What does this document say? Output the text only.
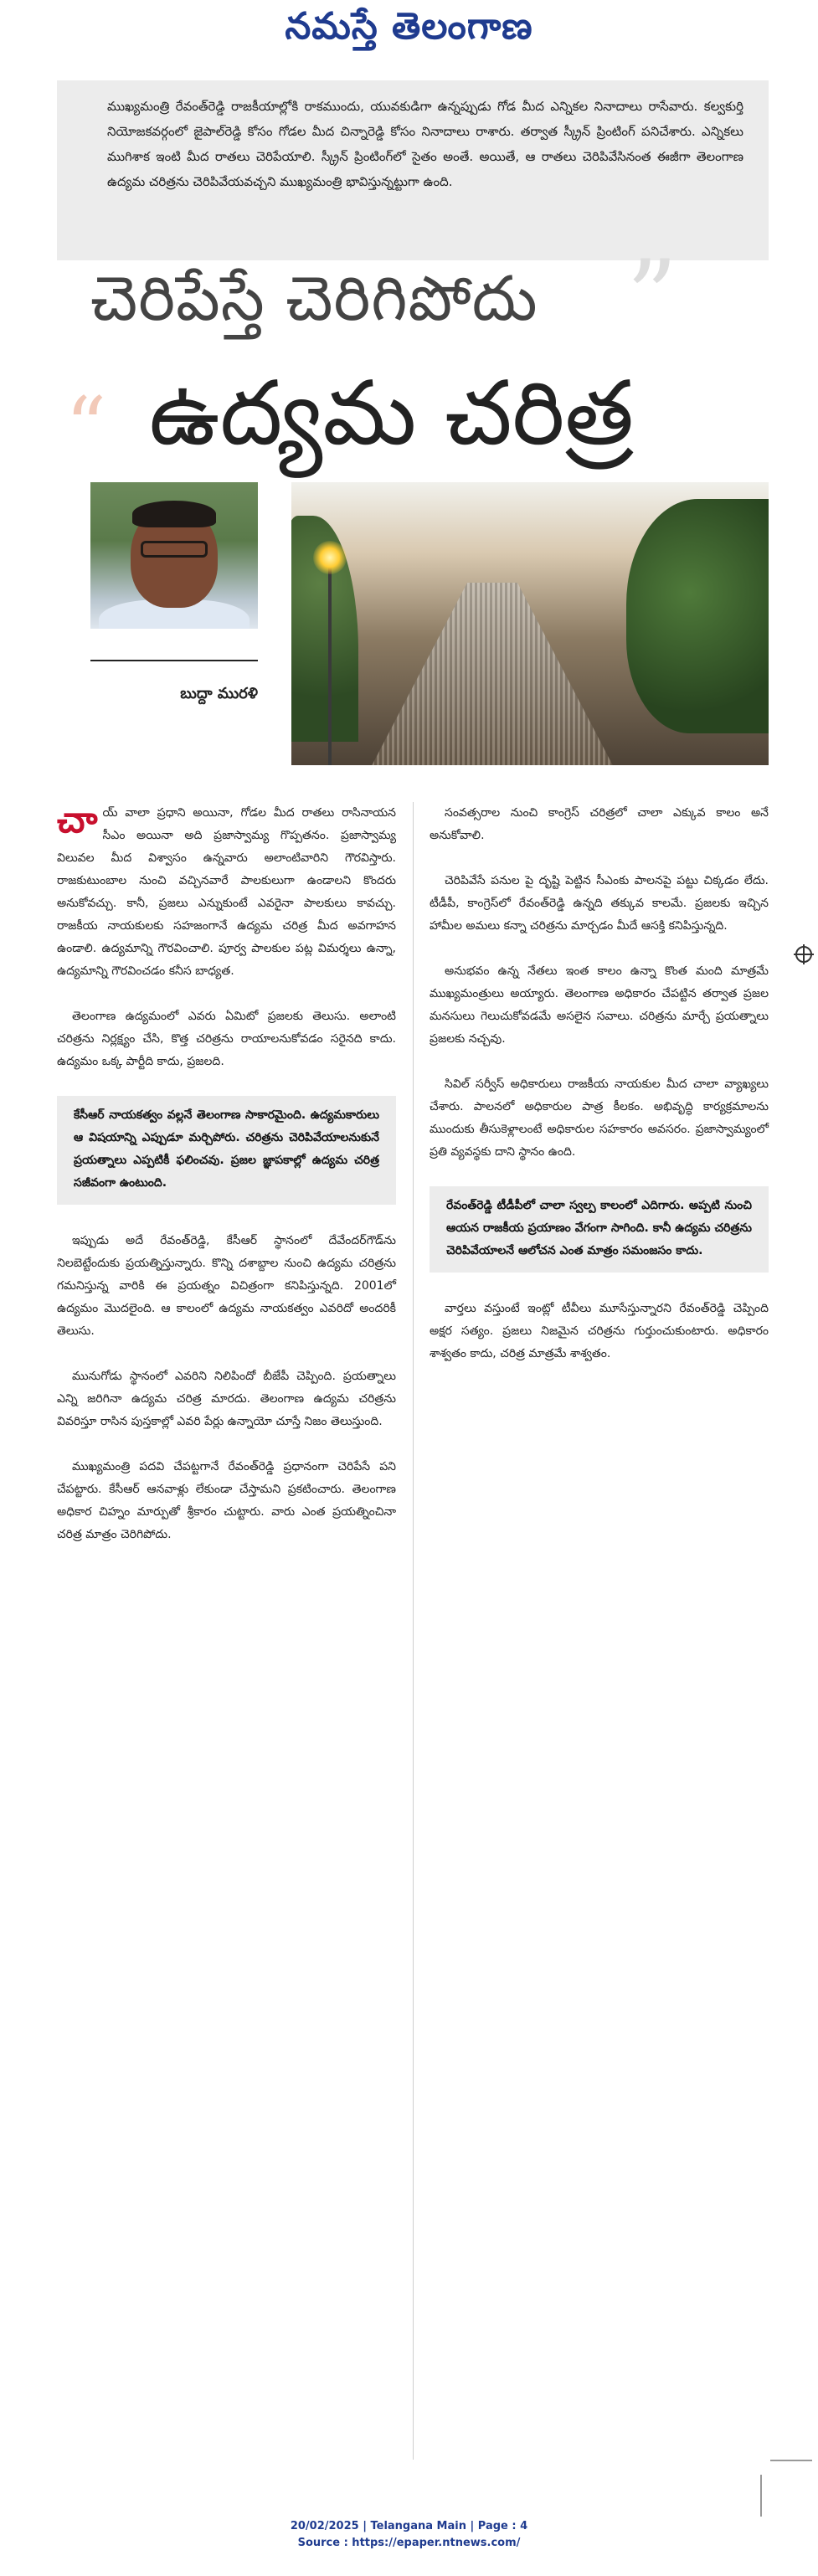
నమస్తే తెలంగాణ

ముఖ్యమంత్రి రేవంత్‌రెడ్డి రాజకీయాల్లోకి రాకముందు, యువకుడిగా ఉన్నప్పుడు గోడ మీద ఎన్నికల నినాదాలు రాసేవారు. కల్వకుర్తి నియోజకవర్గంలో జైపాల్‌రెడ్డి కోసం గోడల మీద చిన్నారెడ్డి కోసం నినాదాలు రాశారు. తర్వాత స్క్రీన్ ప్రింటింగ్ పనిచేశారు. ఎన్నికలు ముగిశాక ఇంటి మీద రాతలు చెరిపేయాలి. స్క్రీన్ ప్రింటింగ్‌లో సైతం అంతే. అయితే, ఆ రాతలు చెరిపివేసినంత ఈజీగా తెలంగాణ ఉద్యమ చరిత్రను చెరిపివేయవచ్చని ముఖ్యమంత్రి భావిస్తున్నట్టుగా ఉంది.

”
చెరిపేస్తే చెరిగిపోదు
“ ఉద్యమ చరిత్ర
బుద్దా మురళి

చాయ్ వాలా ప్రధాని అయినా, గోడల మీద రాతలు రాసినాయన సీఎం అయినా అది ప్రజాస్వామ్య గొప్పతనం. ప్రజాస్వామ్య విలువల మీద విశ్వాసం ఉన్నవారు అలాంటివారిని గౌరవిస్తారు. రాజకుటుంబాల నుంచి వచ్చినవారే పాలకులుగా ఉండాలని కొందరు అనుకోవచ్చు. కానీ, ప్రజలు ఎన్నుకుంటే ఎవరైనా పాలకులు కావచ్చు. రాజకీయ నాయకులకు సహజంగానే ఉద్యమ చరిత్ర మీద అవగాహన ఉండాలి. ఉద్యమాన్ని గౌరవించాలి. పూర్వ పాలకుల పట్ల విమర్శలు ఉన్నా, ఉద్యమాన్ని గౌరవించడం కనీస బాధ్యత.

తెలంగాణ ఉద్యమంలో ఎవరు ఏమిటో ప్రజలకు తెలుసు. అలాంటి చరిత్రను నిర్లక్ష్యం చేసి, కొత్త చరిత్రను రాయాలనుకోవడం సరైనది కాదు. ఉద్యమం ఒక్క పార్టీది కాదు, ప్రజలది.

కేసీఆర్ నాయకత్వం వల్లనే తెలంగాణ సాకారమైంది. ఉద్యమకారులు ఆ విషయాన్ని ఎప్పుడూ మర్చిపోరు. చరిత్రను చెరిపివేయాలనుకునే ప్రయత్నాలు ఎప్పటికీ ఫలించవు. ప్రజల జ్ఞాపకాల్లో ఉద్యమ చరిత్ర సజీవంగా ఉంటుంది.

ఇప్పుడు అదే రేవంత్‌రెడ్డి, కేసీఆర్ స్థానంలో దేవేందర్‌గౌడ్‌ను నిలబెట్టేందుకు ప్రయత్నిస్తున్నారు. కొన్ని దశాబ్దాల నుంచి ఉద్యమ చరిత్రను గమనిస్తున్న వారికి ఈ ప్రయత్నం విచిత్రంగా కనిపిస్తున్నది. 2001లో ఉద్యమం మొదలైంది. ఆ కాలంలో ఉద్యమ నాయకత్వం ఎవరిదో అందరికీ తెలుసు.

మునుగోడు స్థానంలో ఎవరిని నిలిపిందో బీజేపీ చెప్పింది. ప్రయత్నాలు ఎన్ని జరిగినా ఉద్యమ చరిత్ర మారదు. తెలంగాణ ఉద్యమ చరిత్రను వివరిస్తూ రాసిన పుస్తకాల్లో ఎవరి పేర్లు ఉన్నాయో చూస్తే నిజం తెలుస్తుంది.

ముఖ్యమంత్రి పదవి చేపట్టగానే రేవంత్‌రెడ్డి ప్రధానంగా చెరిపేసే పని చేపట్టారు. కేసీఆర్ ఆనవాళ్లు లేకుండా చేస్తామని ప్రకటించారు. తెలంగాణ అధికార చిహ్నం మార్పుతో శ్రీకారం చుట్టారు. వారు ఎంత ప్రయత్నించినా చరిత్ర మాత్రం చెరిగిపోదు.

సంవత్సరాల నుంచి కాంగ్రెస్ చరిత్రలో చాలా ఎక్కువ కాలం అనే అనుకోవాలి.

చెరిపివేసే పనుల పై దృష్టి పెట్టిన సీఎంకు పాలనపై పట్టు చిక్కడం లేదు. టీడీపీ, కాంగ్రెస్‌లో రేవంత్‌రెడ్డి ఉన్నది తక్కువ కాలమే. ప్రజలకు ఇచ్చిన హామీల అమలు కన్నా చరిత్రను మార్చడం మీదే ఆసక్తి కనిపిస్తున్నది.

అనుభవం ఉన్న నేతలు ఇంత కాలం ఉన్నా కొంత మంది మాత్రమే ముఖ్యమంత్రులు అయ్యారు. తెలంగాణ అధికారం చేపట్టిన తర్వాత ప్రజల మనసులు గెలుచుకోవడమే అసలైన సవాలు. చరిత్రను మార్చే ప్రయత్నాలు ప్రజలకు నచ్చవు.

సివిల్ సర్వీస్ అధికారులు రాజకీయ నాయకుల మీద చాలా వ్యాఖ్యలు చేశారు. పాలనలో అధికారుల పాత్ర కీలకం. అభివృద్ధి కార్యక్రమాలను ముందుకు తీసుకెళ్లాలంటే అధికారుల సహకారం అవసరం. ప్రజాస్వామ్యంలో ప్రతి వ్యవస్థకు దాని స్థానం ఉంది.

రేవంత్‌రెడ్డి టీడీపీలో చాలా స్వల్ప కాలంలో ఎదిగారు. అప్పటి నుంచి ఆయన రాజకీయ ప్రయాణం వేగంగా సాగింది. కానీ ఉద్యమ చరిత్రను చెరిపివేయాలనే ఆలోచన ఎంత మాత్రం సమంజసం కాదు.

వార్తలు వస్తుంటే ఇంట్లో టీవీలు మూసేస్తున్నారని రేవంత్‌రెడ్డి చెప్పింది అక్షర సత్యం. ప్రజలు నిజమైన చరిత్రను గుర్తుంచుకుంటారు. అధికారం శాశ్వతం కాదు, చరిత్ర మాత్రమే శాశ్వతం.

20/02/2025 | Telangana Main | Page : 4
Source : https://epaper.ntnews.com/
